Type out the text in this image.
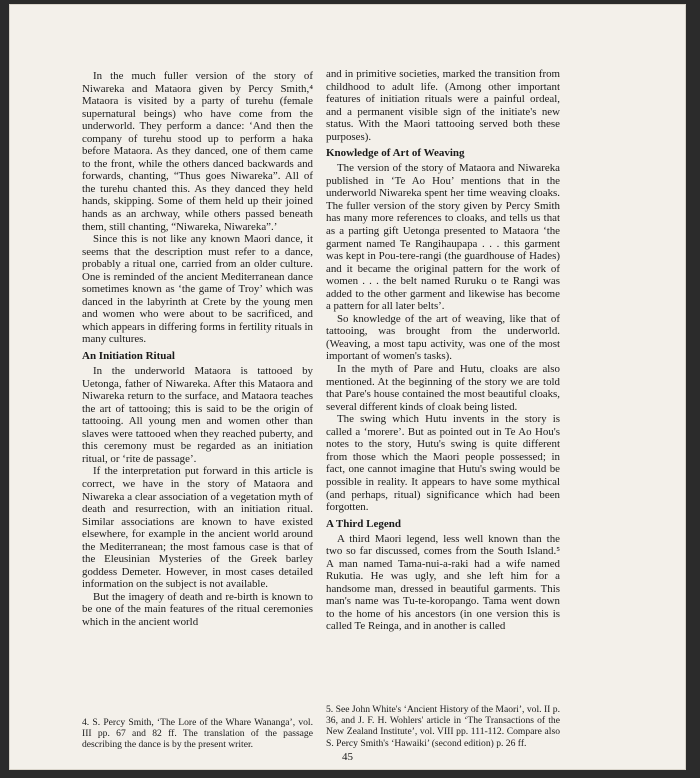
In the much fuller version of the story of Niwareka and Mataora given by Percy Smith,⁴ Mataora is visited by a party of turehu (female supernatural beings) who have come from the underworld. They perform a dance: ‘And then the company of turehu stood up to perform a haka before Mataora. As they danced, one of them came to the front, while the others danced backwards and forwards, chanting, “Thus goes Niwareka”. All of the turehu chanted this. As they danced they held hands, skipping. Some of them held up their joined hands as an archway, while others passed beneath them, still chanting, “Niwareka, Niwareka”.’

Since this is not like any known Maori dance, it seems that the description must refer to a dance, probably a ritual one, carried from an older culture. One is reminded of the ancient Mediterranean dance sometimes known as ‘the game of Troy’ which was danced in the labyrinth at Crete by the young men and women who were about to be sacrificed, and which appears in differing forms in fertility rituals in many cultures.

An Initiation Ritual

In the underworld Mataora is tattooed by Uetonga, father of Niwareka. After this Mataora and Niwareka return to the surface, and Mataora teaches the art of tattooing; this is said to be the origin of tattooing. All young men and women other than slaves were tattooed when they reached puberty, and this ceremony must be regarded as an initiation ritual, or ‘rite de passage’.

If the interpretation put forward in this article is correct, we have in the story of Mataora and Niwareka a clear association of a vegetation myth of death and resurrection, with an initiation ritual. Similar associations are known to have existed elsewhere, for example in the ancient world around the Mediterranean; the most famous case is that of the Eleusinian Mysteries of the Greek barley goddess Demeter. However, in most cases detailed information on the subject is not available.

But the imagery of death and re-birth is known to be one of the main features of the ritual ceremonies which in the ancient world

and in primitive societies, marked the transition from childhood to adult life. (Among other important features of initiation rituals were a painful ordeal, and a permanent visible sign of the initiate's new status. With the Maori tattooing served both these purposes).

Knowledge of Art of Weaving

The version of the story of Mataora and Niwareka published in ‘Te Ao Hou’ mentions that in the underworld Niwareka spent her time weaving cloaks. The fuller version of the story given by Percy Smith has many more references to cloaks, and tells us that as a parting gift Uetonga presented to Mataora ‘the garment named Te Rangihaupapa . . . this garment was kept in Pou-tere-rangi (the guardhouse of Hades) and it became the original pattern for the work of women . . . the belt named Ruruku o te Rangi was added to the other garment and likewise has become a pattern for all later belts’.

So knowledge of the art of weaving, like that of tattooing, was brought from the underworld. (Weaving, a most tapu activity, was one of the most important of women's tasks).

In the myth of Pare and Hutu, cloaks are also mentioned. At the beginning of the story we are told that Pare's house contained the most beautiful cloaks, several different kinds of cloak being listed.

The swing which Hutu invents in the story is called a ‘morere’. But as pointed out in Te Ao Hou's notes to the story, Hutu's swing is quite different from those which the Maori people possessed; in fact, one cannot imagine that Hutu's swing would be possible in reality. It appears to have some mythical (and perhaps, ritual) significance which had been forgotten.

A Third Legend

A third Maori legend, less well known than the two so far discussed, comes from the South Island.⁵ A man named Tama-nui-a-raki had a wife named Rukutia. He was ugly, and she left him for a handsome man, dressed in beautiful garments. This man's name was Tu-te-koropango. Tama went down to the home of his ancestors (in one version this is called Te Reinga, and in another is called

4. S. Percy Smith, ‘The Lore of the Whare Wananga’, vol. III pp. 67 and 82 ff. The translation of the passage describing the dance is by the present writer.

5. See John White's ‘Ancient History of the Maori’, vol. II p. 36, and J. F. H. Wohlers' article in ‘The Transactions of the New Zealand Institute’, vol. VIII pp. 111-112. Compare also S. Percy Smith's ‘Hawaiki’ (second edition) p. 26 ff.

45
